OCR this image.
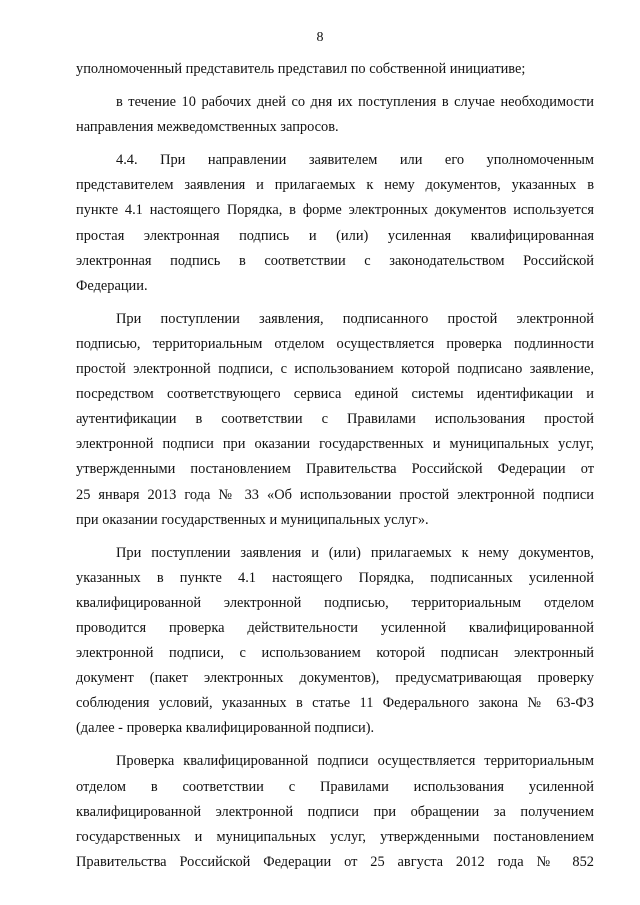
8
уполномоченный представитель представил по собственной инициативе;
в течение 10 рабочих дней со дня их поступления в случае необходимости
направления межведомственных запросов.
4.4. При направлении заявителем или его уполномоченным
представителем заявления и прилагаемых к нему документов, указанных в
пункте 4.1 настоящего Порядка, в форме электронных документов используется
простая электронная подпись и (или) усиленная квалифицированная
электронная подпись в соответствии с законодательством Российской
Федерации.
При поступлении заявления, подписанного простой электронной
подписью, территориальным отделом осуществляется проверка подлинности
простой электронной подписи, с использованием которой подписано заявление,
посредством соответствующего сервиса единой системы идентификации и
аутентификации в соответствии с Правилами использования простой
электронной подписи при оказании государственных и муниципальных услуг,
утвержденными постановлением Правительства Российской Федерации от
25 января 2013 года № 33 «Об использовании простой электронной подписи
при оказании государственных и муниципальных услуг».
При поступлении заявления и (или) прилагаемых к нему документов,
указанных в пункте 4.1 настоящего Порядка, подписанных усиленной
квалифицированной электронной подписью, территориальным отделом
проводится проверка действительности усиленной квалифицированной
электронной подписи, с использованием которой подписан электронный
документ (пакет электронных документов), предусматривающая проверку
соблюдения условий, указанных в статье 11 Федерального закона № 63-ФЗ
(далее - проверка квалифицированной подписи).
Проверка квалифицированной подписи осуществляется территориальным
отделом в соответствии с Правилами использования усиленной
квалифицированной электронной подписи при обращении за получением
государственных и муниципальных услуг, утвержденными постановлением
Правительства Российской Федерации от 25 августа 2012 года № 852
